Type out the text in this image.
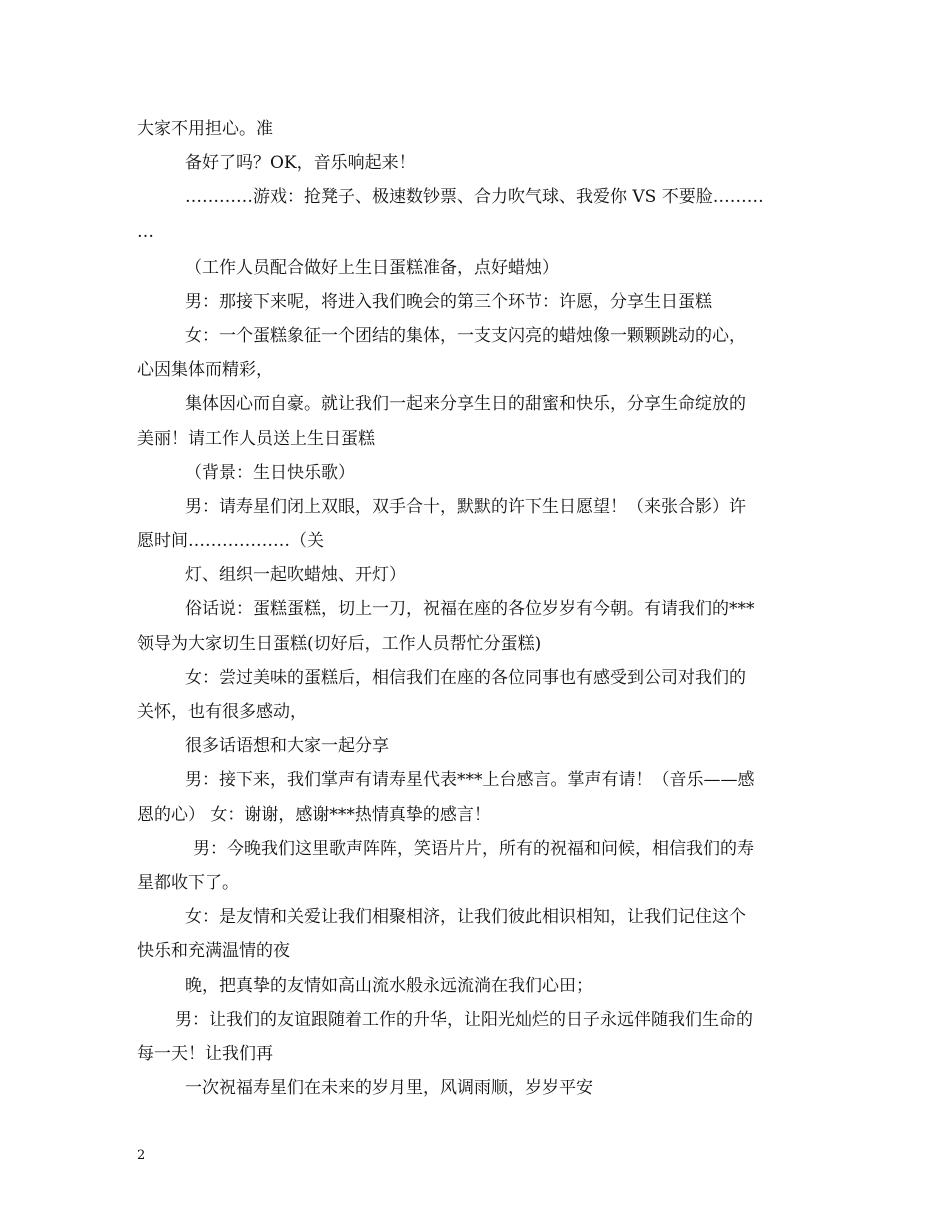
大家不用担心。准
备好了吗？OK，音乐响起来！
…………游戏：抢凳子、极速数钞票、合力吹气球、我爱你 VS 不要脸………
…
（工作人员配合做好上生日蛋糕准备，点好蜡烛）
男：那接下来呢，将进入我们晚会的第三个环节：许愿，分享生日蛋糕
女：一个蛋糕象征一个团结的集体，一支支闪亮的蜡烛像一颗颗跳动的心，
心因集体而精彩，
集体因心而自豪。就让我们一起来分享生日的甜蜜和快乐，分享生命绽放的
美丽！请工作人员送上生日蛋糕
（背景：生日快乐歌）
男：请寿星们闭上双眼，双手合十，默默的许下生日愿望！（来张合影）许
愿时间………………（关
灯、组织一起吹蜡烛、开灯）
俗话说：蛋糕蛋糕，切上一刀，祝福在座的各位岁岁有今朝。有请我们的***
领导为大家切生日蛋糕(切好后，工作人员帮忙分蛋糕)
女：尝过美味的蛋糕后，相信我们在座的各位同事也有感受到公司对我们的
关怀，也有很多感动，
很多话语想和大家一起分享
男：接下来，我们掌声有请寿星代表***上台感言。掌声有请！（音乐——感
恩的心） 女：谢谢，感谢***热情真挚的感言！
男：今晚我们这里歌声阵阵，笑语片片，所有的祝福和问候，相信我们的寿
星都收下了。
女：是友情和关爱让我们相聚相济，让我们彼此相识相知，让我们记住这个
快乐和充满温情的夜
晚，把真挚的友情如高山流水般永远流淌在我们心田；
男：让我们的友谊跟随着工作的升华，让阳光灿烂的日子永远伴随我们生命的
每一天！让我们再
一次祝福寿星们在未来的岁月里，风调雨顺，岁岁平安
2
